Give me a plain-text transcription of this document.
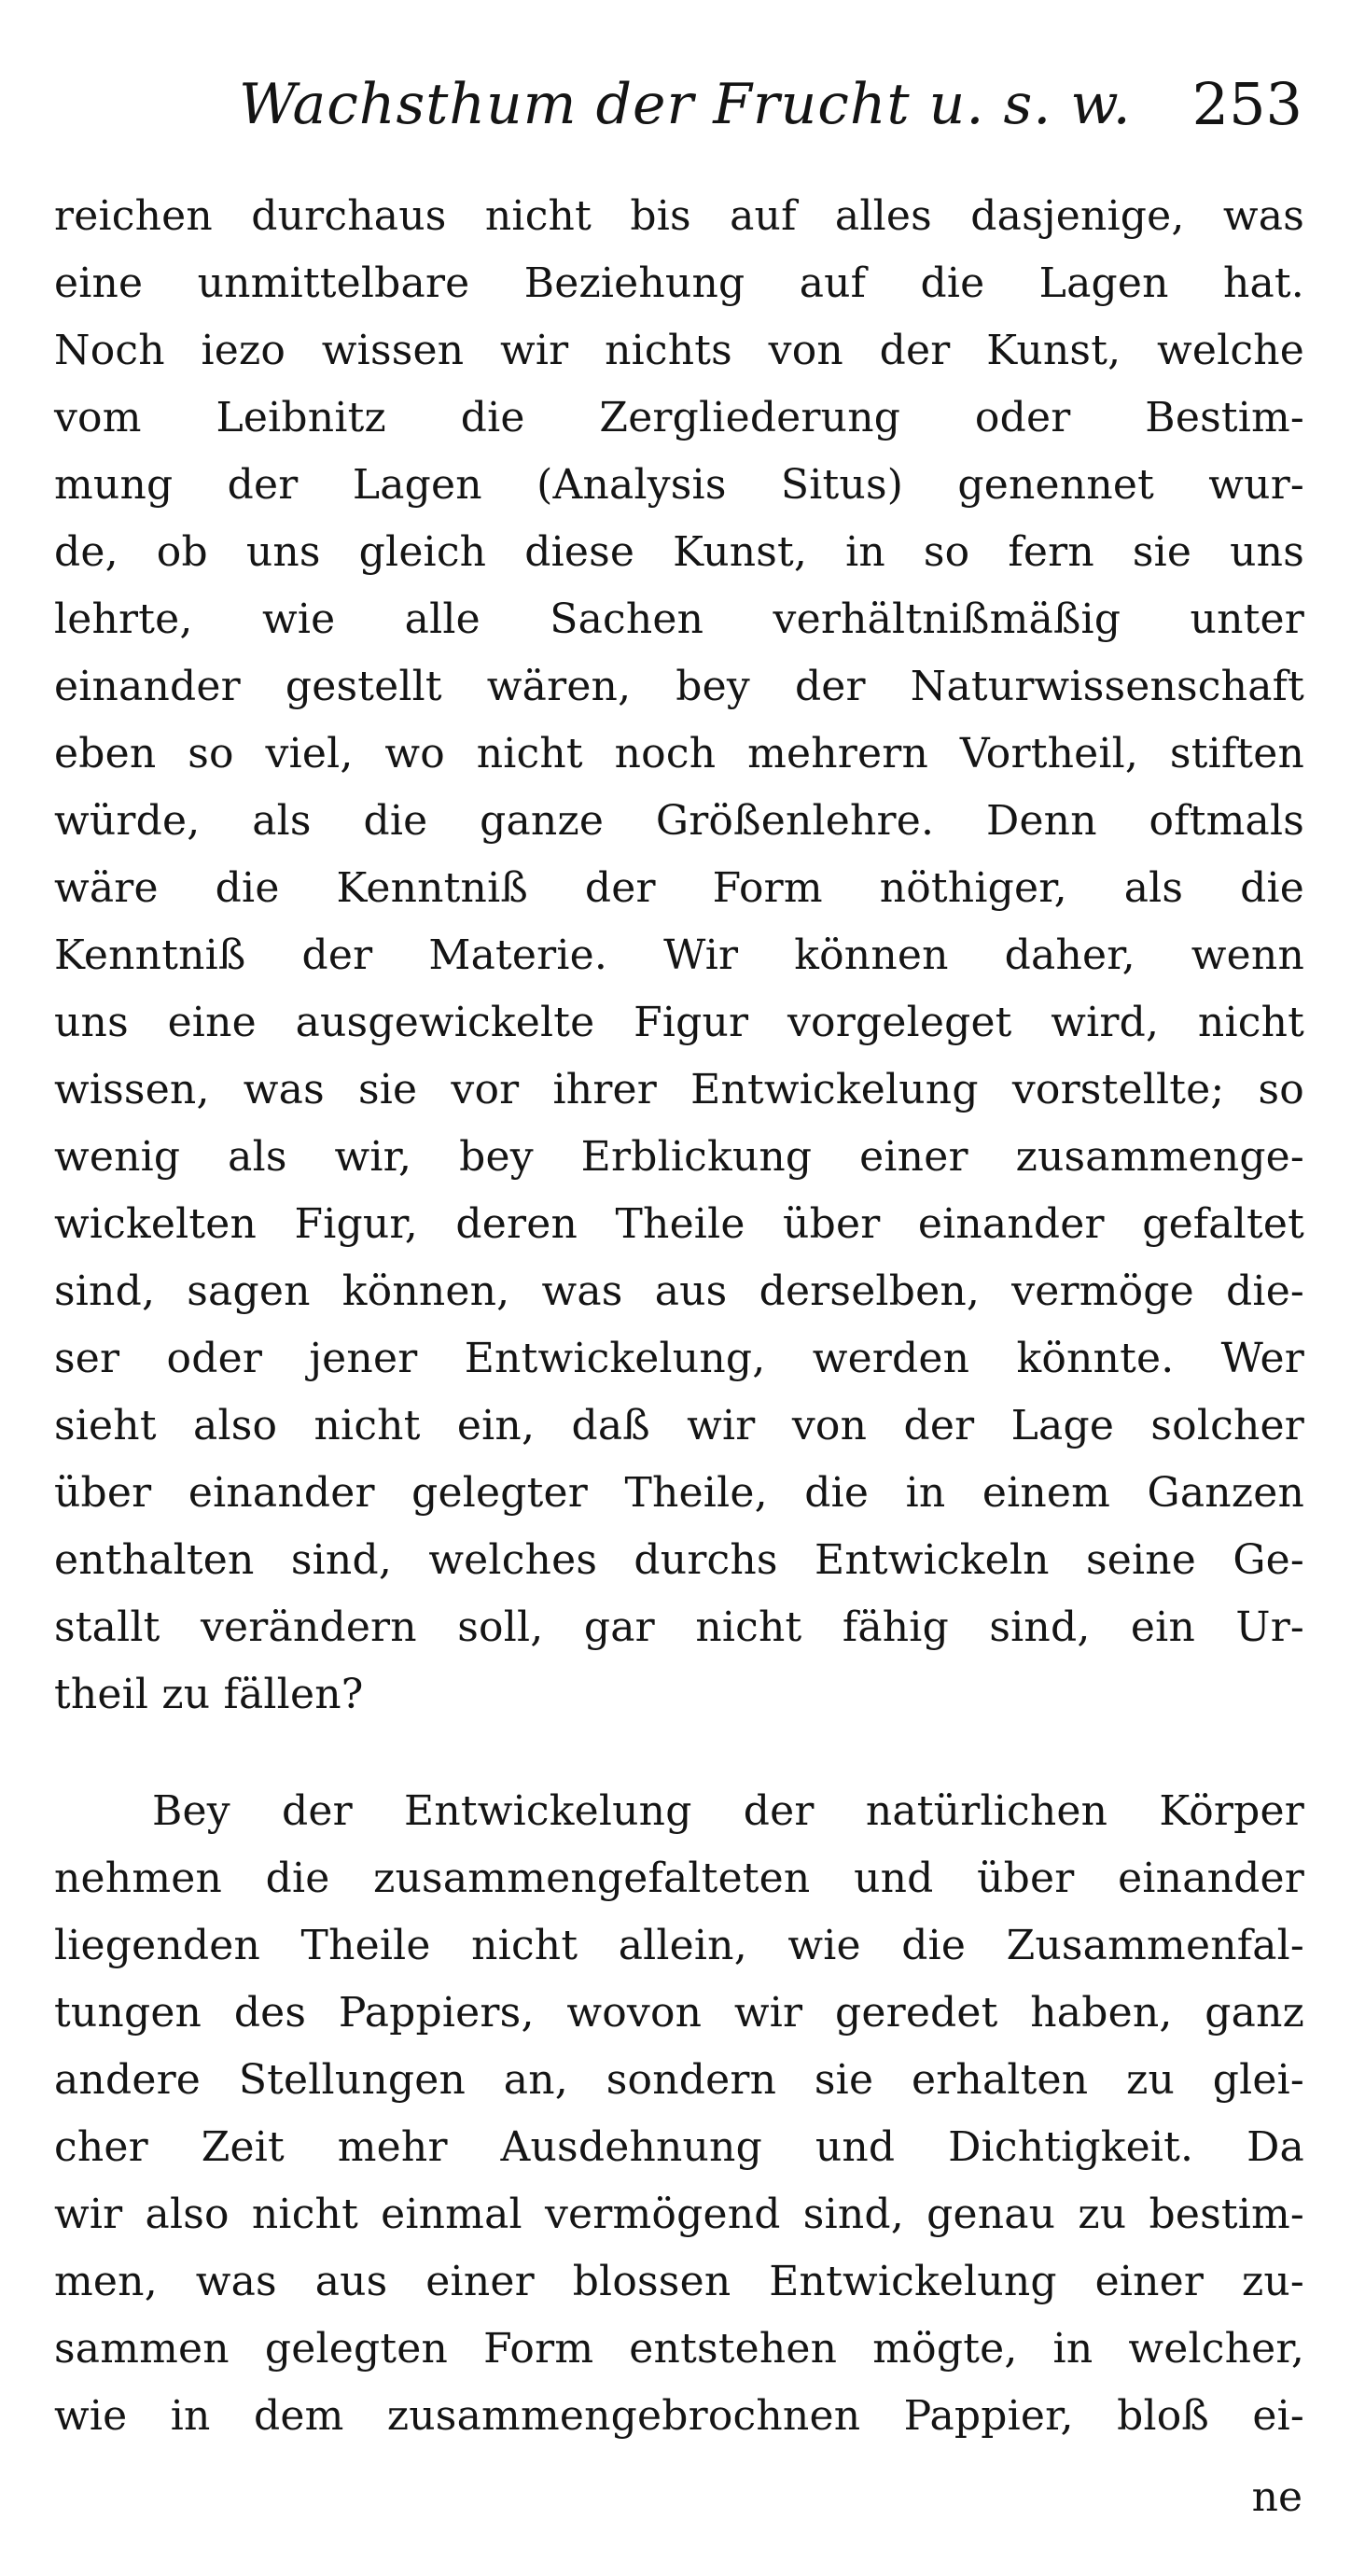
Wachsthum der Frucht u. s. w. 253
reichen durchaus nicht bis auf alles dasjenige, was
eine unmittelbare Beziehung auf die Lagen hat.
Noch iezo wissen wir nichts von der Kunst, welche
vom Leibnitz die Zergliederung oder Bestim-
mung der Lagen (Analysis Situs) genennet wur-
de, ob uns gleich diese Kunst, in so fern sie uns
lehrte, wie alle Sachen verhältnißmäßig unter
einander gestellt wären, bey der Naturwissenschaft
eben so viel, wo nicht noch mehrern Vortheil, stiften
würde, als die ganze Größenlehre. Denn oftmals
wäre die Kenntniß der Form nöthiger, als die
Kenntniß der Materie. Wir können daher, wenn
uns eine ausgewickelte Figur vorgeleget wird, nicht
wissen, was sie vor ihrer Entwickelung vorstellte; so
wenig als wir, bey Erblickung einer zusammenge-
wickelten Figur, deren Theile über einander gefaltet
sind, sagen können, was aus derselben, vermöge die-
ser oder jener Entwickelung, werden könnte. Wer
sieht also nicht ein, daß wir von der Lage solcher
über einander gelegter Theile, die in einem Ganzen
enthalten sind, welches durchs Entwickeln seine Ge-
stallt verändern soll, gar nicht fähig sind, ein Ur-
theil zu fällen?
Bey der Entwickelung der natürlichen Körper
nehmen die zusammengefalteten und über einander
liegenden Theile nicht allein, wie die Zusammenfal-
tungen des Pappiers, wovon wir geredet haben, ganz
andere Stellungen an, sondern sie erhalten zu glei-
cher Zeit mehr Ausdehnung und Dichtigkeit. Da
wir also nicht einmal vermögend sind, genau zu bestim-
men, was aus einer blossen Entwickelung einer zu-
sammen gelegten Form entstehen mögte, in welcher,
wie in dem zusammengebrochnen Pappier, bloß ei-
ne
